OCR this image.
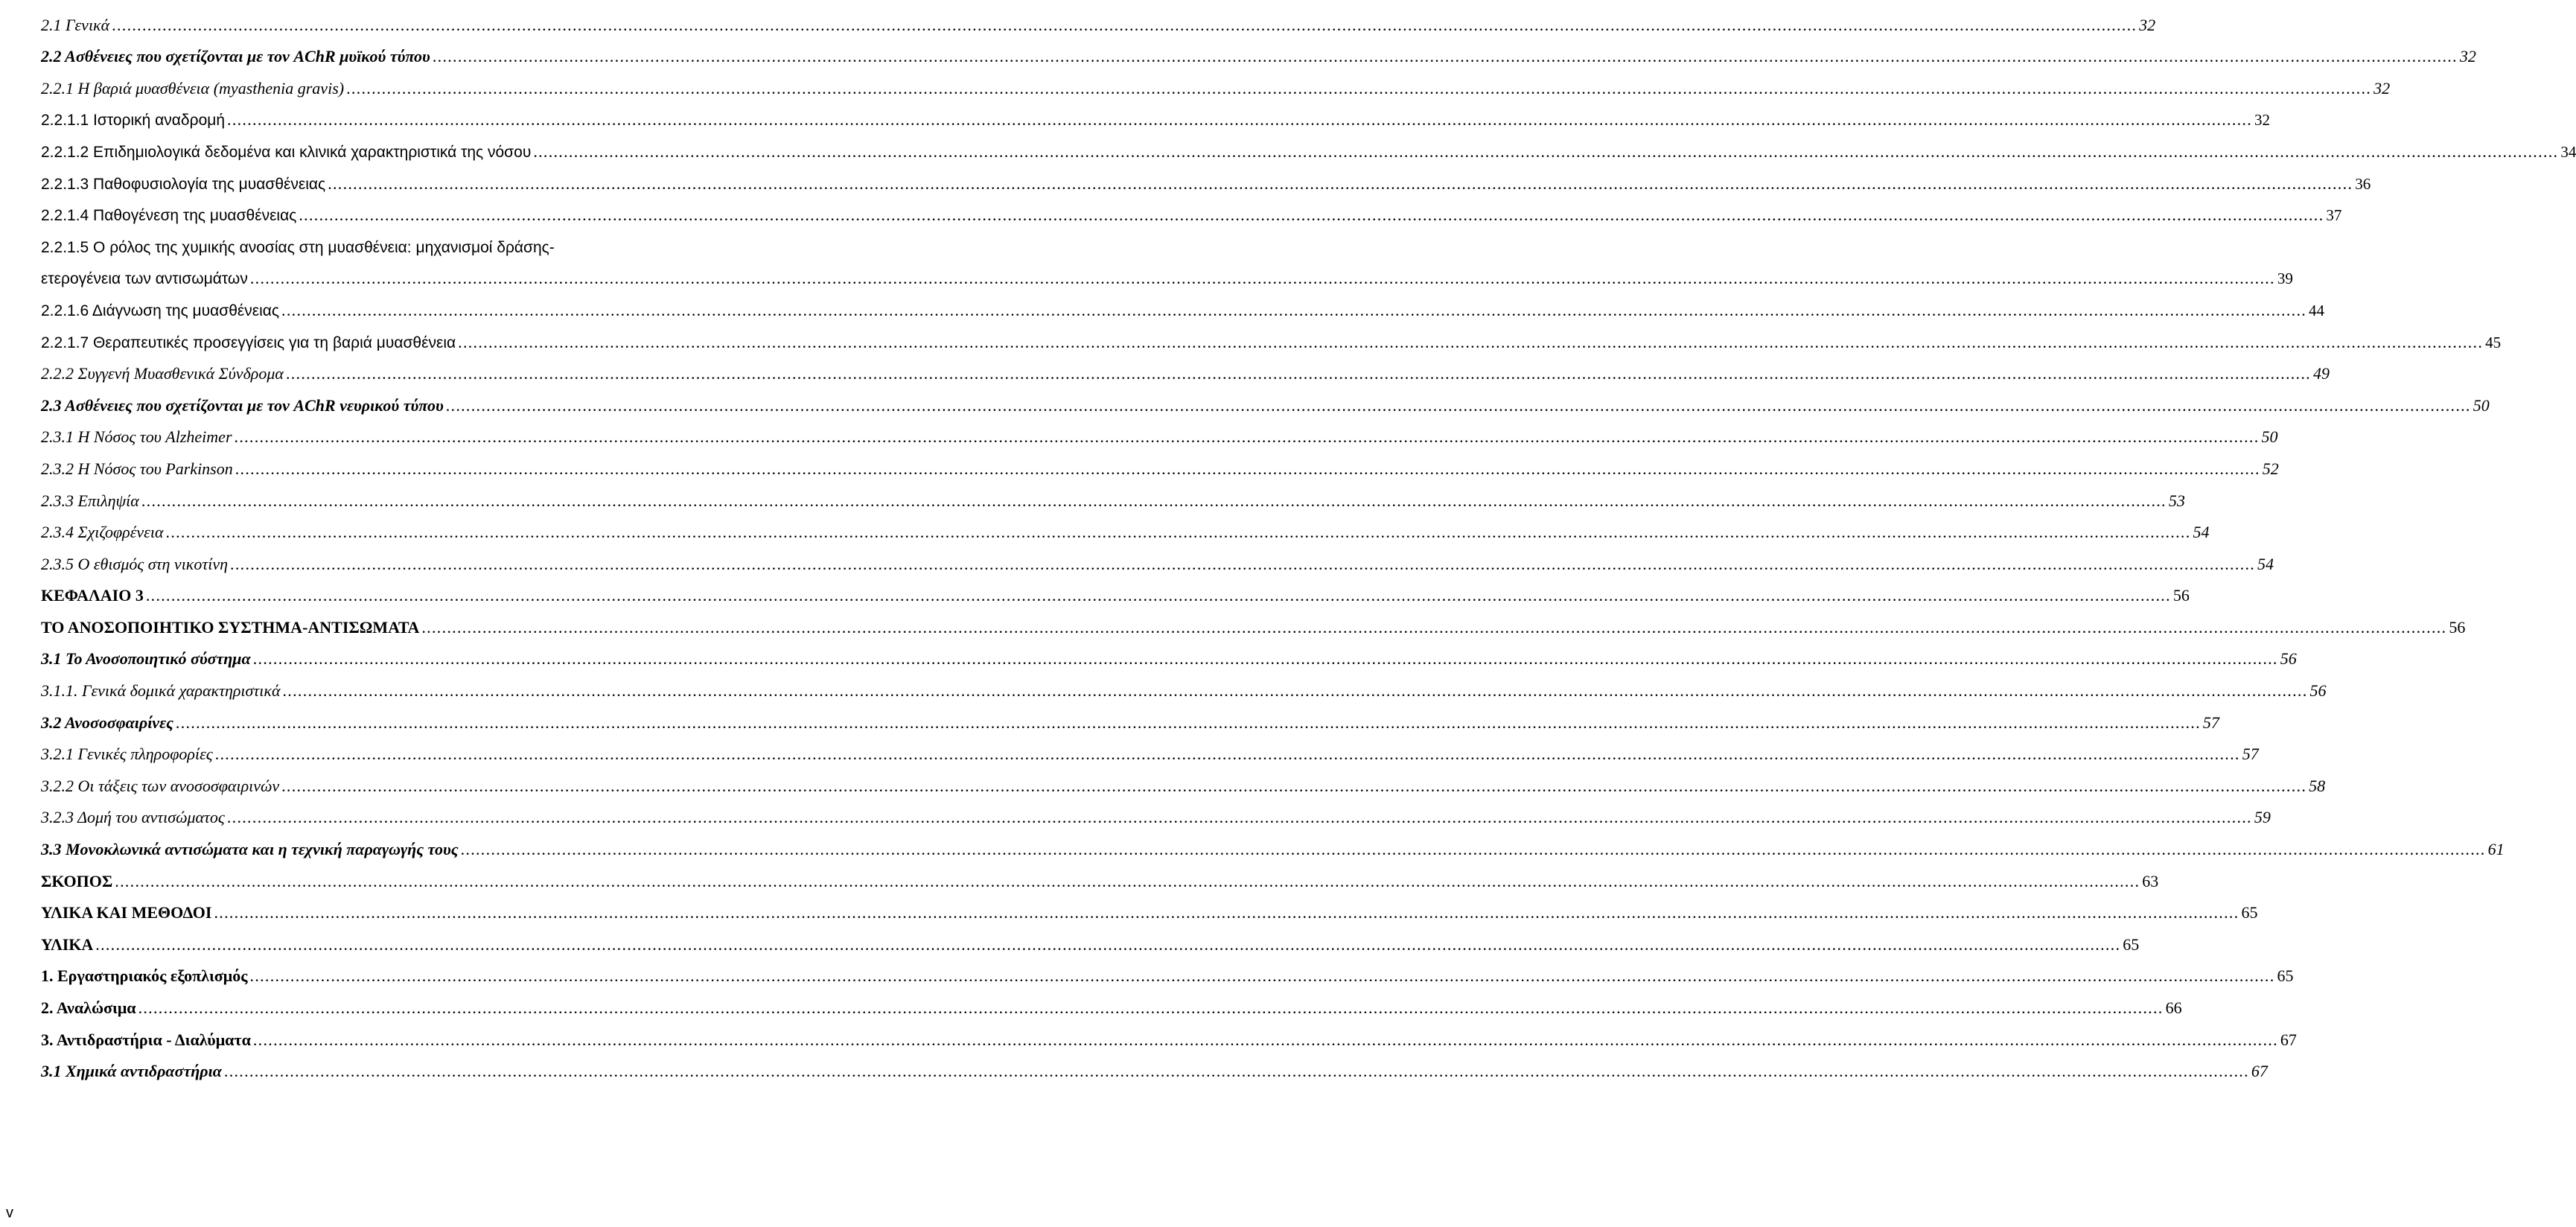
2.1 Γενικά ................................................................................................................................................................................................................................................................................................................................................................................................................ 32
2.2 Ασθένειες που σχετίζονται με τον AChR μυϊκού τύπου ................................................................................................................................................................................................................................................................................................................................................................................................................ 32
2.2.1 Η βαριά μυασθένεια (myasthenia gravis) ................................................................................................................................................................................................................................................................................................................................................................................................................ 32
2.2.1.1 Ιστορική αναδρομή ................................................................................................................................................................................................................................................................................................................................................................................................................ 32
2.2.1.2 Επιδημιολογικά δεδομένα και κλινικά χαρακτηριστικά της νόσου ................................................................................................................................................................................................................................................................................................................................................................................................................ 34
2.2.1.3 Παθοφυσιολογία της μυασθένειας ................................................................................................................................................................................................................................................................................................................................................................................................................ 36
2.2.1.4 Παθογένεση της μυασθένειας ................................................................................................................................................................................................................................................................................................................................................................................................................ 37
2.2.1.5 Ο ρόλος της χυμικής ανοσίας στη μυασθένεια: μηχανισμοί δράσης-
ετερογένεια των αντισωμάτων ................................................................................................................................................................................................................................................................................................................................................................................................................ 39
2.2.1.6 Διάγνωση της μυασθένειας ................................................................................................................................................................................................................................................................................................................................................................................................................ 44
2.2.1.7 Θεραπευτικές προσεγγίσεις για τη βαριά μυασθένεια ................................................................................................................................................................................................................................................................................................................................................................................................................ 45
2.2.2 Συγγενή Μυασθενικά Σύνδρομα ................................................................................................................................................................................................................................................................................................................................................................................................................ 49
2.3 Ασθένειες που σχετίζονται με τον AChR νευρικού τύπου ................................................................................................................................................................................................................................................................................................................................................................................................................ 50
2.3.1 Η Νόσος του Alzheimer ................................................................................................................................................................................................................................................................................................................................................................................................................ 50
2.3.2 Η Νόσος του Parkinson ................................................................................................................................................................................................................................................................................................................................................................................................................ 52
2.3.3 Επιληψία ................................................................................................................................................................................................................................................................................................................................................................................................................ 53
2.3.4 Σχιζοφρένεια ................................................................................................................................................................................................................................................................................................................................................................................................................ 54
2.3.5 Ο εθισμός στη νικοτίνη ................................................................................................................................................................................................................................................................................................................................................................................................................ 54
ΚΕΦΑΛΑΙΟ 3 ................................................................................................................................................................................................................................................................................................................................................................................................................ 56
ΤΟ ΑΝΟΣΟΠΟΙΗΤΙΚΟ ΣΥΣΤΗΜΑ-ΑΝΤΙΣΩΜΑΤΑ ................................................................................................................................................................................................................................................................................................................................................................................................................ 56
3.1 Το Ανοσοποιητικό σύστημα ................................................................................................................................................................................................................................................................................................................................................................................................................ 56
3.1.1. Γενικά δομικά χαρακτηριστικά ................................................................................................................................................................................................................................................................................................................................................................................................................ 56
3.2 Ανοσοσφαιρίνες ................................................................................................................................................................................................................................................................................................................................................................................................................ 57
3.2.1 Γενικές πληροφορίες ................................................................................................................................................................................................................................................................................................................................................................................................................ 57
3.2.2 Οι τάξεις των ανοσοσφαιρινών ................................................................................................................................................................................................................................................................................................................................................................................................................ 58
3.2.3 Δομή του αντισώματος ................................................................................................................................................................................................................................................................................................................................................................................................................ 59
3.3 Μονοκλωνικά αντισώματα και η τεχνική παραγωγής τους ................................................................................................................................................................................................................................................................................................................................................................................................................ 61
ΣΚΟΠΟΣ ................................................................................................................................................................................................................................................................................................................................................................................................................ 63
ΥΛΙΚΑ ΚΑΙ ΜΕΘΟΔΟΙ ................................................................................................................................................................................................................................................................................................................................................................................................................ 65
ΥΛΙΚΑ ................................................................................................................................................................................................................................................................................................................................................................................................................ 65
1. Εργαστηριακός εξοπλισμός ................................................................................................................................................................................................................................................................................................................................................................................................................ 65
2. Αναλώσιμα ................................................................................................................................................................................................................................................................................................................................................................................................................ 66
3. Αντιδραστήρια - Διαλύματα ................................................................................................................................................................................................................................................................................................................................................................................................................ 67
3.1 Χημικά αντιδραστήρια ................................................................................................................................................................................................................................................................................................................................................................................................................ 67
v
